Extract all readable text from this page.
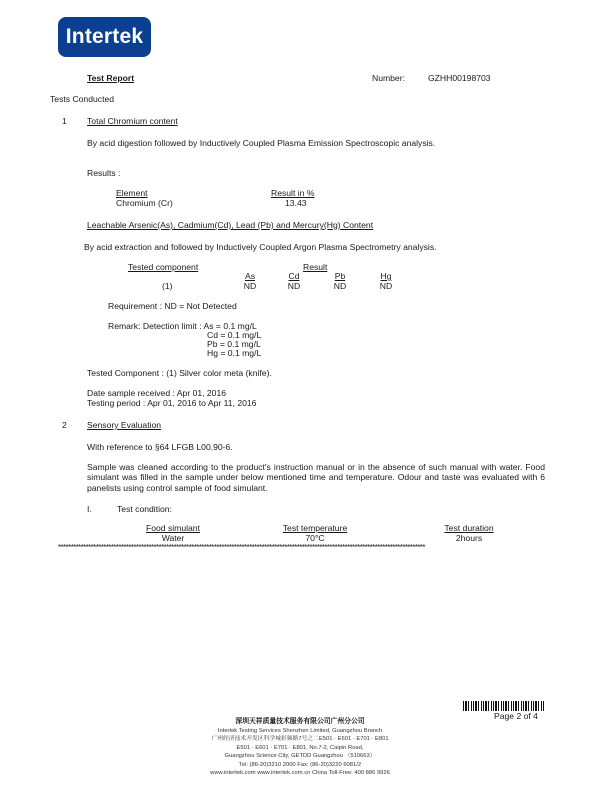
Intertek
Test Report	Number:	GZHH00198703
Tests Conducted
1 Total Chromium content
By acid digestion followed by Inductively Coupled Plasma Emission Spectroscopic analysis.
Results :
Element	Result in %
Chromium (Cr)	13.43
Leachable Arsenic(As), Cadmium(Cd), Lead (Pb) and Mercury(Hg) Content
By acid extraction and followed by Inductively Coupled Argon Plasma Spectrometry analysis.
Tested component	Result
As	Cd	Pb	Hg
(1)	ND	ND	ND	ND
Requirement : ND = Not Detected
Remark: Detection limit : As = 0.1 mg/L
Cd = 0.1 mg/L
Pb = 0.1 mg/L
Hg = 0.1 mg/L
Tested Component : (1) Silver color meta (knife).
Date sample received : Apr 01, 2016
Testing period : Apr 01, 2016 to Apr 11, 2016
2 Sensory Evaluation
With reference to §64 LFGB L00.90-6.
Sample was cleaned according to the product's instruction manual or in the absence of such manual with water. Food simulant was filled in the sample under below mentioned time and temperature. Odour and taste was evaluated with 6 panelists using control sample of food simulant.
I.	Test condition:
Food simulant	Test temperature	Test duration
Water	70°C	2hours
**************************************************************************************************************************************************
Page 2 of 4
深圳天祥质量技术服务有限公司广州分公司
Intertek Testing Services Shenzhen Limited, Guangzhou Branch
广州经济技术开发区科学城彩频路7号之二E501 · E601 · E701 · E801
E501 · E601 · E701 · E801, No.7-2, Caipin Road,
Guangzhou Science City, GETDD Guangzhou （510663）
Tel: (86-20)3210 2000 Fax: (86-20)3220 6081/2
www.intertek.com www.intertek.com.cn China Toll-Free: 400 886 9926
